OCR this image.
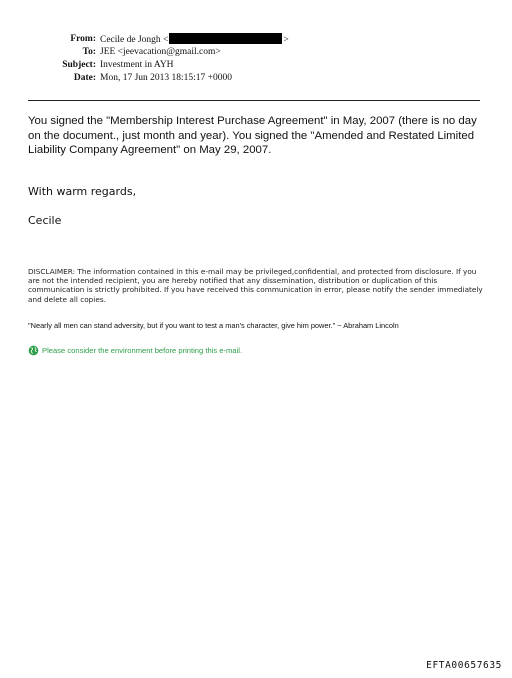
From: Cecile de Jongh <	>
To: JEE <jeevacation@gmail.com>
Subject: Investment in AYH
Date: Mon, 17 Jun 2013 18:15:17 +0000
You signed the "Membership Interest Purchase Agreement" in May, 2007 (there is no day on the document., just month and year). You signed the "Amended and Restated Limited Liability Company Agreement" on May 29, 2007.
With warm regards,
Cecile
DISCLAIMER: The information contained in this e-mail may be privileged,confidential, and protected from disclosure. If you are not the intended recipient, you are hereby notified that any dissemination, distribution or duplication of this communication is strictly prohibited. If you have received this communication in error, please notify the sender immediately and delete all copies.
"Nearly all men can stand adversity, but if you want to test a man's character, give him power." ~ Abraham Lincoln
Please consider the environment before printing this e-mail.
EFTA00657635
